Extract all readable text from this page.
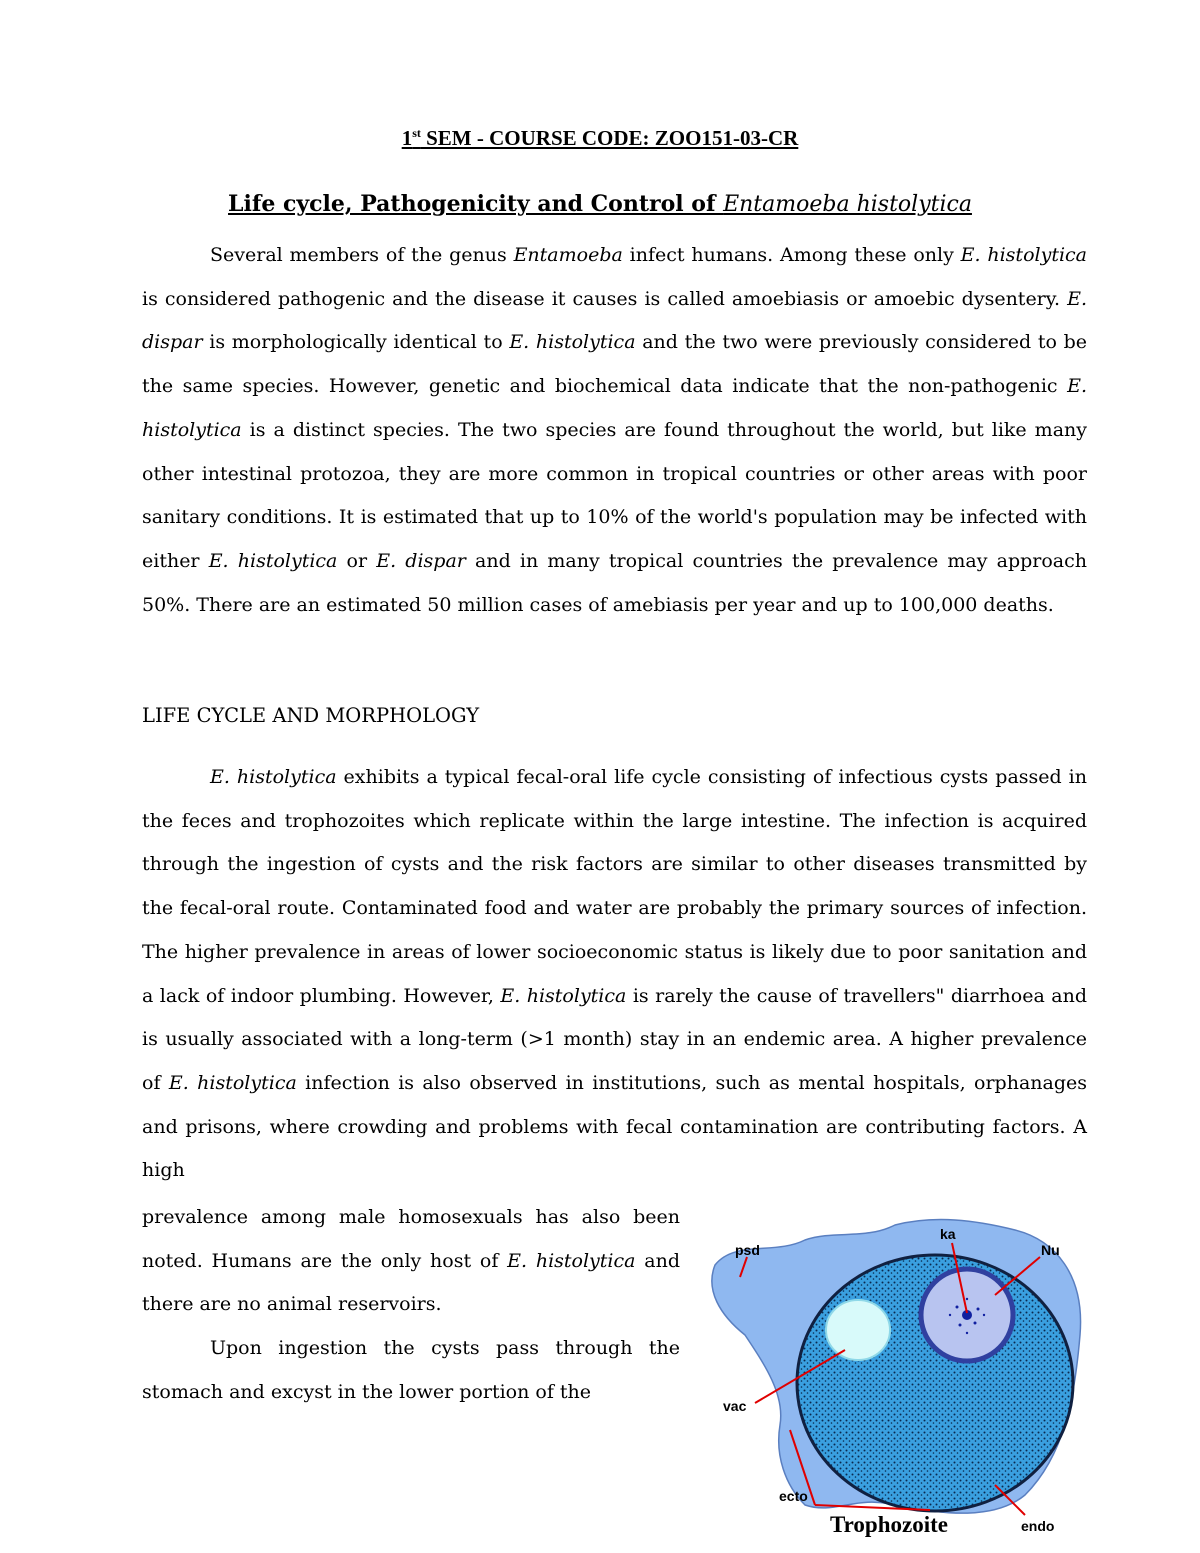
1st SEM - COURSE CODE: ZOO151-03-CR
Life cycle, Pathogenicity and Control of Entamoeba histolytica
Several members of the genus Entamoeba infect humans. Among these only E. histolytica is considered pathogenic and the disease it causes is called amoebiasis or amoebic dysentery. E. dispar is morphologically identical to E. histolytica and the two were previously considered to be the same species. However, genetic and biochemical data indicate that the non-pathogenic E. histolytica is a distinct species. The two species are found throughout the world, but like many other intestinal protozoa, they are more common in tropical countries or other areas with poor sanitary conditions. It is estimated that up to 10% of the world's population may be infected with either E. histolytica or E. dispar and in many tropical countries the prevalence may approach 50%. There are an estimated 50 million cases of amebiasis per year and up to 100,000 deaths.
LIFE CYCLE AND MORPHOLOGY
E. histolytica exhibits a typical fecal-oral life cycle consisting of infectious cysts passed in the feces and trophozoites which replicate within the large intestine. The infection is acquired through the ingestion of cysts and the risk factors are similar to other diseases transmitted by the fecal-oral route. Contaminated food and water are probably the primary sources of infection. The higher prevalence in areas of lower socioeconomic status is likely due to poor sanitation and a lack of indoor plumbing. However, E. histolytica is rarely the cause of travellers" diarrhoea and is usually associated with a long-term (>1 month) stay in an endemic area. A higher prevalence of E. histolytica infection is also observed in institutions, such as mental hospitals, orphanages and prisons, where crowding and problems with fecal contamination are contributing factors. A high
prevalence among male homosexuals has also been noted. Humans are the only host of E. histolytica and there are no animal reservoirs.
Upon ingestion the cysts pass through the stomach and excyst in the lower portion of the
psd
ka
Nu
vac
ecto
endo
Trophozoite
